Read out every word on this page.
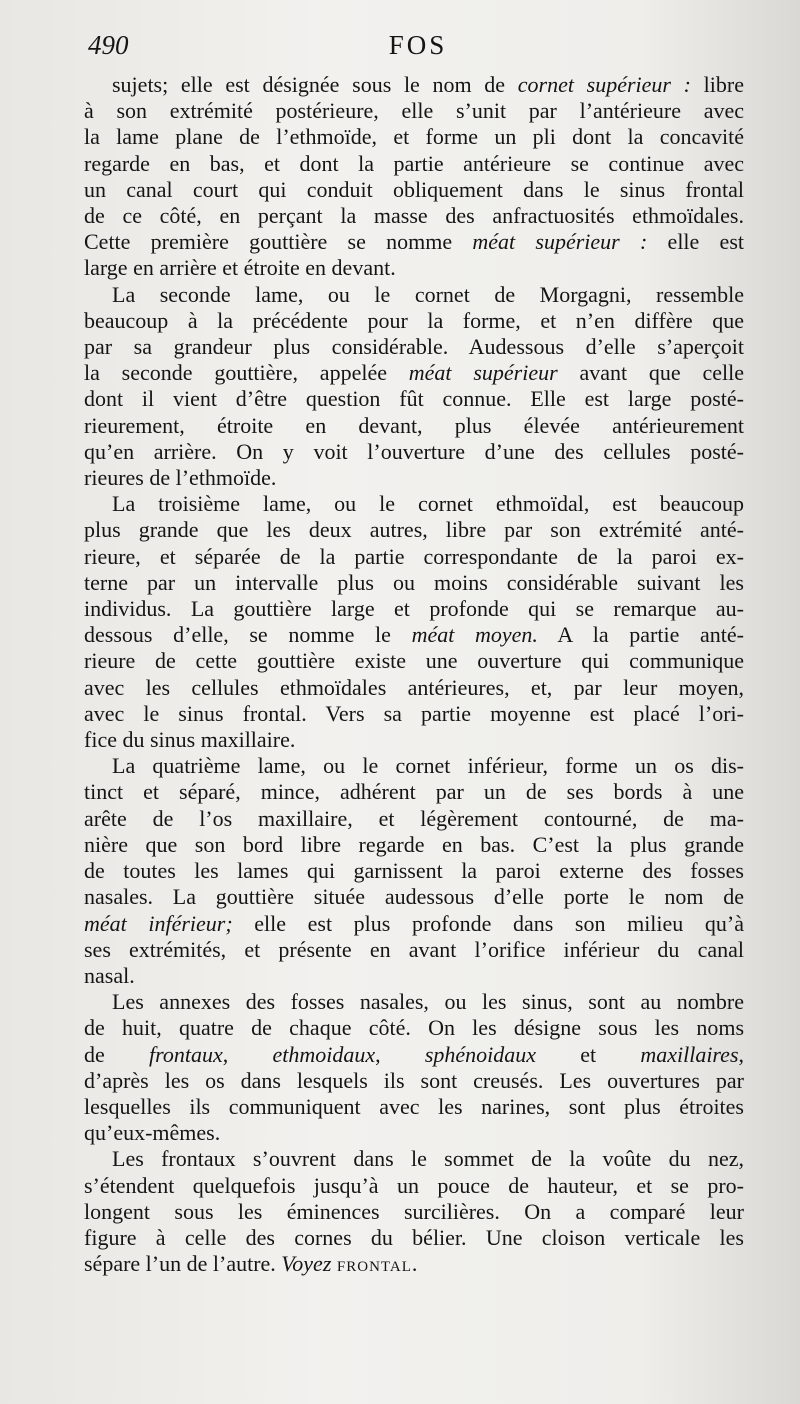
490	FOS
sujets; elle est désignée sous le nom de cornet supérieur : libre
à son extrémité postérieure, elle s’unit par l’antérieure avec
la lame plane de l’ethmoïde, et forme un pli dont la concavité
regarde en bas, et dont la partie antérieure se continue avec
un canal court qui conduit obliquement dans le sinus frontal
de ce côté, en perçant la masse des anfractuosités ethmoïdales.
Cette première gouttière se nomme méat supérieur : elle est
large en arrière et étroite en devant.
La seconde lame, ou le cornet de Morgagni, ressemble
beaucoup à la précédente pour la forme, et n’en diffère que
par sa grandeur plus considérable. Audessous d’elle s’aperçoit
la seconde gouttière, appelée méat supérieur avant que celle
dont il vient d’être question fût connue. Elle est large posté-
rieurement, étroite en devant, plus élevée antérieurement
qu’en arrière. On y voit l’ouverture d’une des cellules posté-
rieures de l’ethmoïde.
La troisième lame, ou le cornet ethmoïdal, est beaucoup
plus grande que les deux autres, libre par son extrémité anté-
rieure, et séparée de la partie correspondante de la paroi ex-
terne par un intervalle plus ou moins considérable suivant les
individus. La gouttière large et profonde qui se remarque au-
dessous d’elle, se nomme le méat moyen. A la partie anté-
rieure de cette gouttière existe une ouverture qui communique
avec les cellules ethmoïdales antérieures, et, par leur moyen,
avec le sinus frontal. Vers sa partie moyenne est placé l’ori-
fice du sinus maxillaire.
La quatrième lame, ou le cornet inférieur, forme un os dis-
tinct et séparé, mince, adhérent par un de ses bords à une
arête de l’os maxillaire, et légèrement contourné, de ma-
nière que son bord libre regarde en bas. C’est la plus grande
de toutes les lames qui garnissent la paroi externe des fosses
nasales. La gouttière située audessous d’elle porte le nom de
méat inférieur; elle est plus profonde dans son milieu qu’à
ses extrémités, et présente en avant l’orifice inférieur du canal
nasal.
Les annexes des fosses nasales, ou les sinus, sont au nombre
de huit, quatre de chaque côté. On les désigne sous les noms
de frontaux, ethmoidaux, sphénoidaux et maxillaires,
d’après les os dans lesquels ils sont creusés. Les ouvertures par
lesquelles ils communiquent avec les narines, sont plus étroites
qu’eux-mêmes.
Les frontaux s’ouvrent dans le sommet de la voûte du nez,
s’étendent quelquefois jusqu’à un pouce de hauteur, et se pro-
longent sous les éminences surcilières. On a comparé leur
figure à celle des cornes du bélier. Une cloison verticale les
sépare l’un de l’autre. Voyez frontal.
